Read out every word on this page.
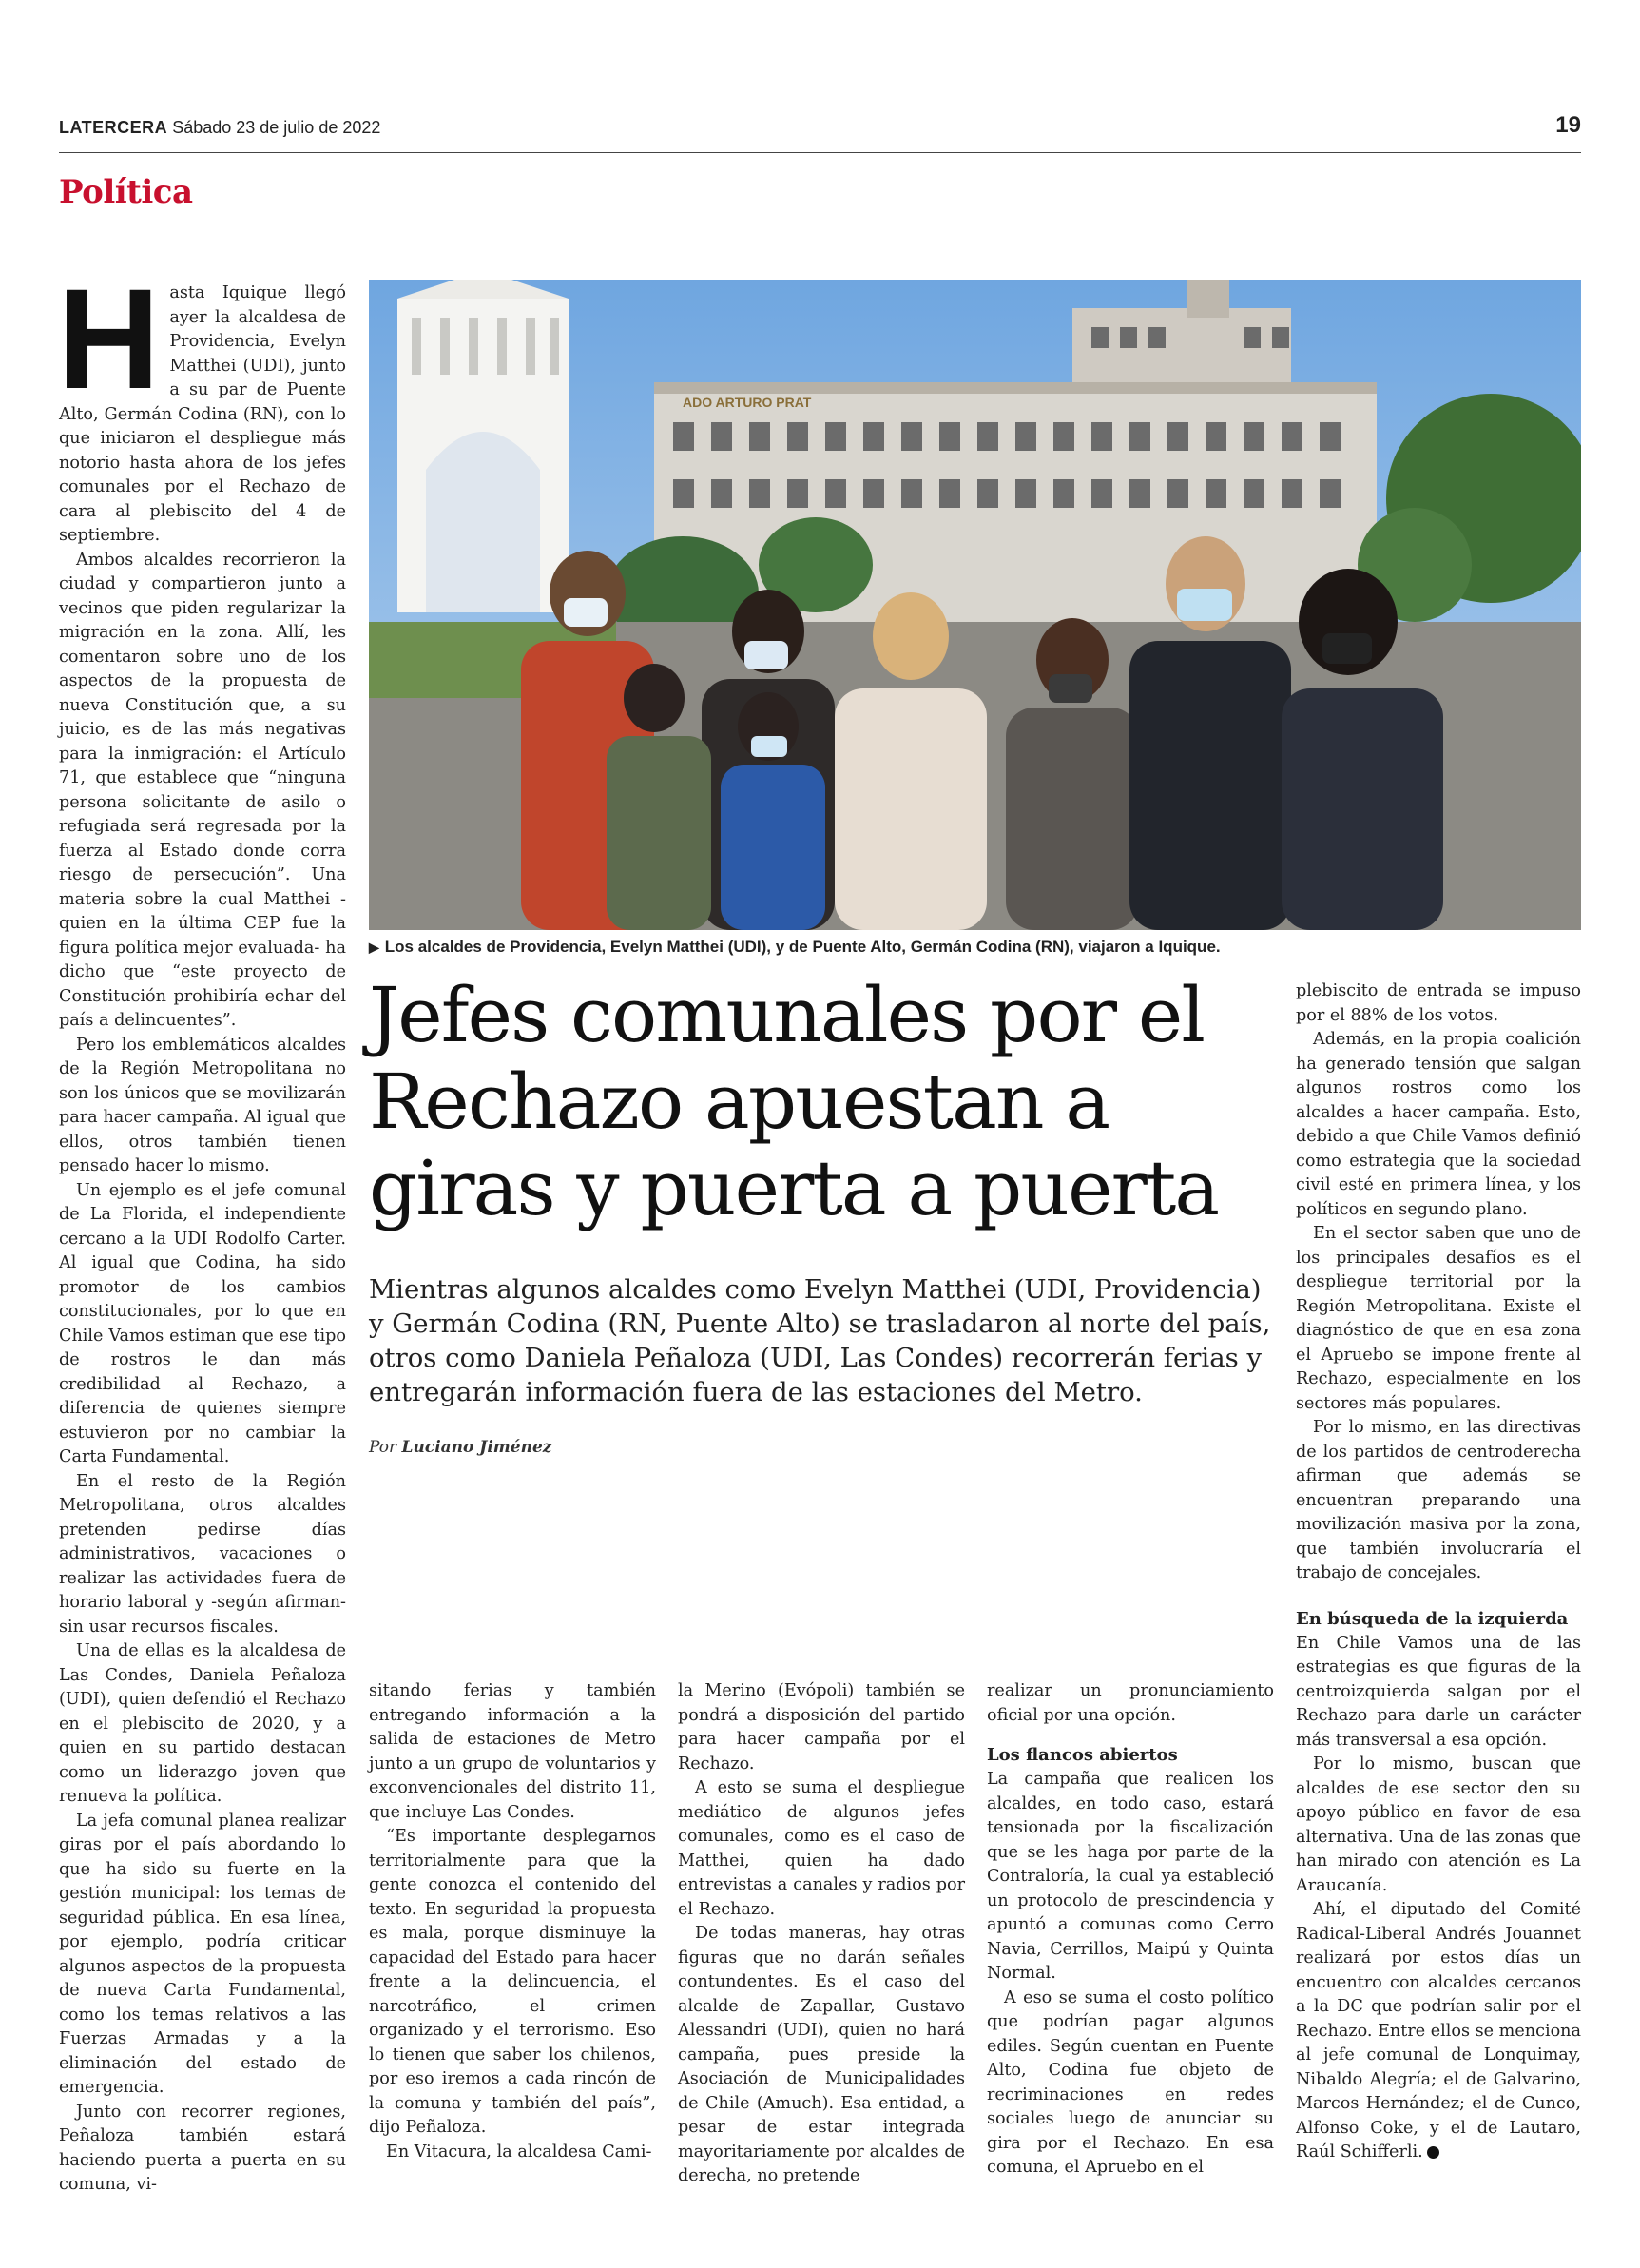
LATERCERA Sábado 23 de julio de 2022	19
Política
H asta Iquique llegó ayer la alcaldesa de Providencia, Evelyn Matthei (UDI), junto a su par de Puente Alto, Germán Codina (RN), con lo que iniciaron el despliegue más notorio hasta ahora de los jefes comunales por el Rechazo de cara al plebiscito del 4 de septiembre.

Ambos alcaldes recorrieron la ciudad y compartieron junto a vecinos que piden regularizar la migración en la zona. Allí, les comentaron sobre uno de los aspectos de la propuesta de nueva Constitución que, a su juicio, es de las más negativas para la inmigración: el Artículo 71, que establece que “ninguna persona solicitante de asilo o refugiada será regresada por la fuerza al Estado donde corra riesgo de persecución”. Una materia sobre la cual Matthei -quien en la última CEP fue la figura política mejor evaluada- ha dicho que “este proyecto de Constitución prohibiría echar del país a delincuentes”.

Pero los emblemáticos alcaldes de la Región Metropolitana no son los únicos que se movilizarán para hacer campaña. Al igual que ellos, otros también tienen pensado hacer lo mismo.

Un ejemplo es el jefe comunal de La Florida, el independiente cercano a la UDI Rodolfo Carter. Al igual que Codina, ha sido promotor de los cambios constitucionales, por lo que en Chile Vamos estiman que ese tipo de rostros le dan más credibilidad al Rechazo, a diferencia de quienes siempre estuvieron por no cambiar la Carta Fundamental.

En el resto de la Región Metropolitana, otros alcaldes pretenden pedirse días administrativos, vacaciones o realizar las actividades fuera de horario laboral y -según afirman- sin usar recursos fiscales.

Una de ellas es la alcaldesa de Las Condes, Daniela Peñaloza (UDI), quien defendió el Rechazo en el plebiscito de 2020, y a quien en su partido destacan como un liderazgo joven que renueva la política.

La jefa comunal planea realizar giras por el país abordando lo que ha sido su fuerte en la gestión municipal: los temas de seguridad pública. En esa línea, por ejemplo, podría criticar algunos aspectos de la propuesta de nueva Carta Fundamental, como los temas relativos a las Fuerzas Armadas y a la eliminación del estado de emergencia.

Junto con recorrer regiones, Peñaloza también estará haciendo puerta a puerta en su comuna, vi-

ADO ARTURO PRAT
▶ Los alcaldes de Providencia, Evelyn Matthei (UDI), y de Puente Alto, Germán Codina (RN), viajaron a Iquique.
Jefes comunales por el Rechazo apuestan a giras y puerta a puerta
Mientras algunos alcaldes como Evelyn Matthei (UDI, Providencia) y Germán Codina (RN, Puente Alto) se trasladaron al norte del país, otros como Daniela Peñaloza (UDI, Las Condes) recorrerán ferias y entregarán información fuera de las estaciones del Metro.
Por Luciano Jiménez

sitando ferias y también entregando información a la salida de estaciones de Metro junto a un grupo de voluntarios y exconvencionales del distrito 11, que incluye Las Condes.

“Es importante desplegarnos territorialmente para que la gente conozca el contenido del texto. En seguridad la propuesta es mala, porque disminuye la capacidad del Estado para hacer frente a la delincuencia, el narcotráfico, el crimen organizado y el terrorismo. Eso lo tienen que saber los chilenos, por eso iremos a cada rincón de la comuna y también del país”, dijo Peñaloza.

En Vitacura, la alcaldesa Cami-

la Merino (Evópoli) también se pondrá a disposición del partido para hacer campaña por el Rechazo.

A esto se suma el despliegue mediático de algunos jefes comunales, como es el caso de Matthei, quien ha dado entrevistas a canales y radios por el Rechazo.

De todas maneras, hay otras figuras que no darán señales contundentes. Es el caso del alcalde de Zapallar, Gustavo Alessandri (UDI), quien no hará campaña, pues preside la Asociación de Municipalidades de Chile (Amuch). Esa entidad, a pesar de estar integrada mayoritariamente por alcaldes de derecha, no pretende

realizar un pronunciamiento oficial por una opción.

Los flancos abiertos

La campaña que realicen los alcaldes, en todo caso, estará tensionada por la fiscalización que se les haga por parte de la Contraloría, la cual ya estableció un protocolo de prescindencia y apuntó a comunas como Cerro Navia, Cerrillos, Maipú y Quinta Normal.

A eso se suma el costo político que podrían pagar algunos ediles. Según cuentan en Puente Alto, Codina fue objeto de recriminaciones en redes sociales luego de anunciar su gira por el Rechazo. En esa comuna, el Apruebo en el

plebiscito de entrada se impuso por el 88% de los votos.

Además, en la propia coalición ha generado tensión que salgan algunos rostros como los alcaldes a hacer campaña. Esto, debido a que Chile Vamos definió como estrategia que la sociedad civil esté en primera línea, y los políticos en segundo plano.

En el sector saben que uno de los principales desafíos es el despliegue territorial por la Región Metropolitana. Existe el diagnóstico de que en esa zona el Apruebo se impone frente al Rechazo, especialmente en los sectores más populares.

Por lo mismo, en las directivas de los partidos de centroderecha afirman que además se encuentran preparando una movilización masiva por la zona, que también involucraría el trabajo de concejales.

En búsqueda de la izquierda

En Chile Vamos una de las estrategias es que figuras de la centroizquierda salgan por el Rechazo para darle un carácter más transversal a esa opción.

Por lo mismo, buscan que alcaldes de ese sector den su apoyo público en favor de esa alternativa. Una de las zonas que han mirado con atención es La Araucanía.

Ahí, el diputado del Comité Radical-Liberal Andrés Jouannet realizará por estos días un encuentro con alcaldes cercanos a la DC que podrían salir por el Rechazo. Entre ellos se menciona al jefe comunal de Lonquimay, Nibaldo Alegría; el de Galvarino, Marcos Hernández; el de Cunco, Alfonso Coke, y el de Lautaro, Raúl Schifferli.
